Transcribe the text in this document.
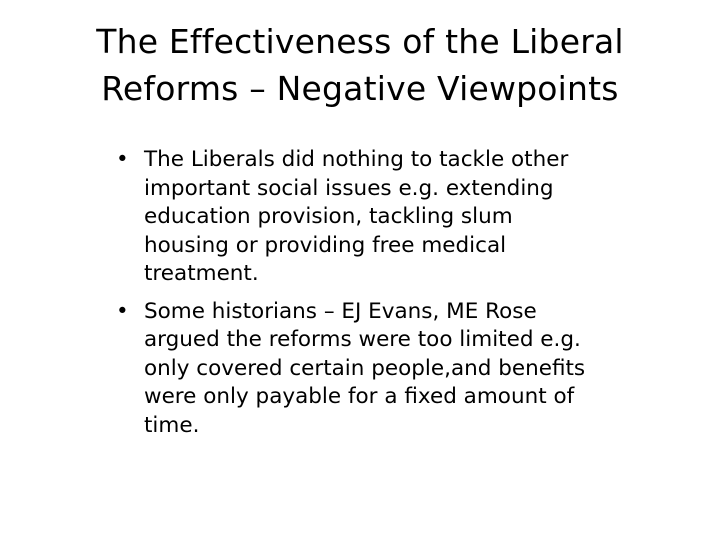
The Effectiveness of the Liberal
Reforms – Negative Viewpoints
• The Liberals did nothing to tackle other
important social issues e.g. extending
education provision, tackling slum
housing or providing free medical
treatment.
• Some historians – EJ Evans, ME Rose
argued the reforms were too limited e.g.
only covered certain people,and benefits
were only payable for a fixed amount of
time.
